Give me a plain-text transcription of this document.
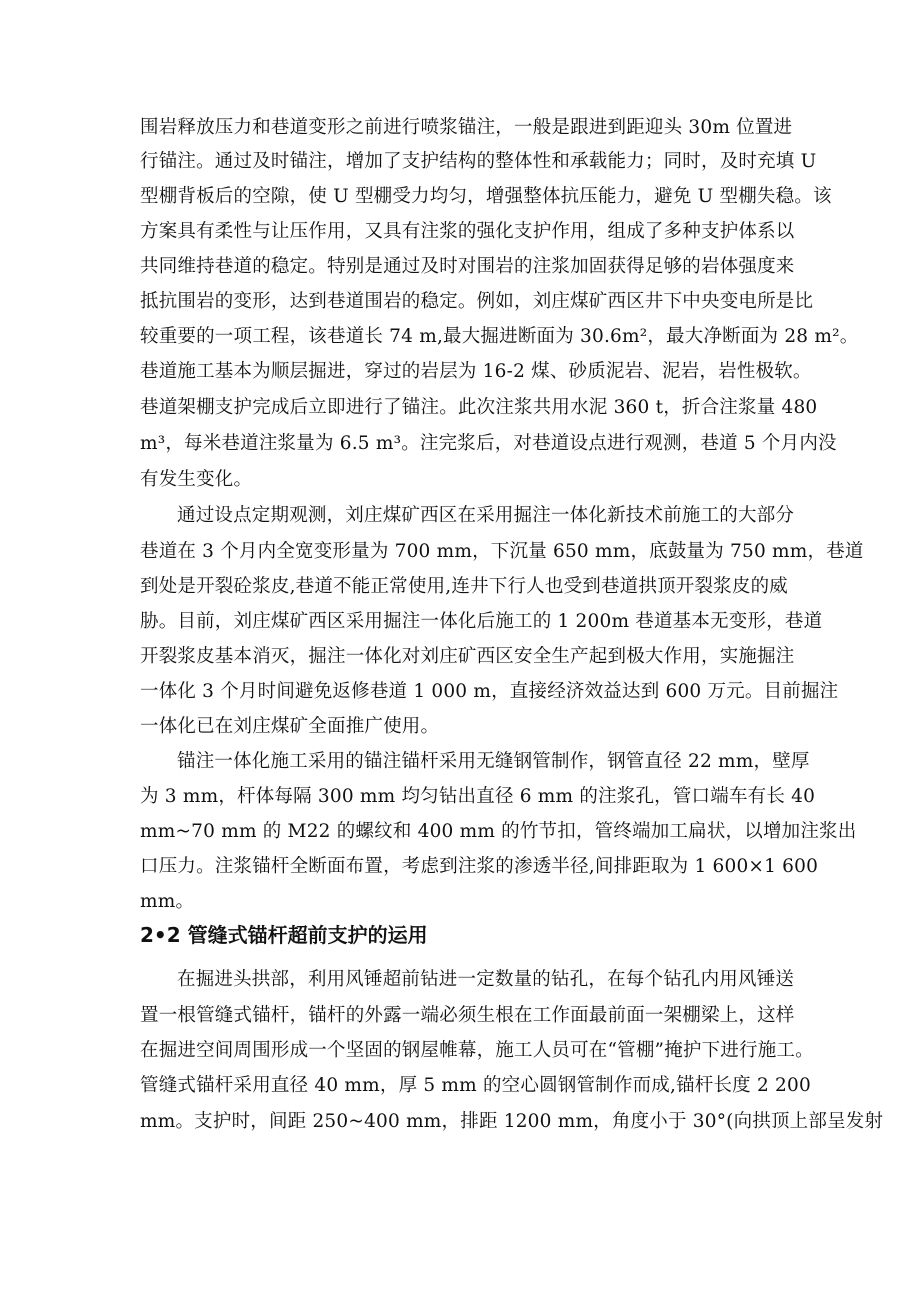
围岩释放压力和巷道变形之前进行喷浆锚注，一般是跟进到距迎头 30m 位置进
行锚注。通过及时锚注，增加了支护结构的整体性和承载能力；同时，及时充填 U
型棚背板后的空隙，使 U 型棚受力均匀，增强整体抗压能力，避免 U 型棚失稳。该
方案具有柔性与让压作用，又具有注浆的强化支护作用，组成了多种支护体系以
共同维持巷道的稳定。特别是通过及时对围岩的注浆加固获得足够的岩体强度来
抵抗围岩的变形，达到巷道围岩的稳定。例如，刘庄煤矿西区井下中央变电所是比
较重要的一项工程，该巷道长 74 m,最大掘进断面为 30.6m²，最大净断面为 28 m²。
巷道施工基本为顺层掘进，穿过的岩层为 16-2 煤、砂质泥岩、泥岩，岩性极软。
巷道架棚支护完成后立即进行了锚注。此次注浆共用水泥 360 t，折合注浆量 480
m³，每米巷道注浆量为 6.5 m³。注完浆后，对巷道设点进行观测，巷道 5 个月内没
有发生变化。
通过设点定期观测，刘庄煤矿西区在采用掘注一体化新技术前施工的大部分
巷道在 3 个月内全宽变形量为 700 mm，下沉量 650 mm，底鼓量为 750 mm，巷道
到处是开裂砼浆皮,巷道不能正常使用,连井下行人也受到巷道拱顶开裂浆皮的威
胁。目前，刘庄煤矿西区采用掘注一体化后施工的 1 200m 巷道基本无变形，巷道
开裂浆皮基本消灭，掘注一体化对刘庄矿西区安全生产起到极大作用，实施掘注
一体化 3 个月时间避免返修巷道 1 000 m，直接经济效益达到 600 万元。目前掘注
一体化已在刘庄煤矿全面推广使用。
锚注一体化施工采用的锚注锚杆采用无缝钢管制作，钢管直径 22 mm，壁厚
为 3 mm，杆体每隔 300 mm 均匀钻出直径 6 mm 的注浆孔，管口端车有长 40
mm~70 mm 的 M22 的螺纹和 400 mm 的竹节扣，管终端加工扁状，以增加注浆出
口压力。注浆锚杆全断面布置，考虑到注浆的渗透半径,间排距取为 1 600×1 600
mm。
2•2 管缝式锚杆超前支护的运用
在掘进头拱部，利用风锤超前钻进一定数量的钻孔，在每个钻孔内用风锤送
置一根管缝式锚杆，锚杆的外露一端必须生根在工作面最前面一架棚梁上，这样
在掘进空间周围形成一个坚固的钢屋帷幕，施工人员可在“管棚”掩护下进行施工。
管缝式锚杆采用直径 40 mm，厚 5 mm 的空心圆钢管制作而成,锚杆长度 2 200
mm。支护时，间距 250~400 mm，排距 1200 mm，角度小于 30°(向拱顶上部呈发射
